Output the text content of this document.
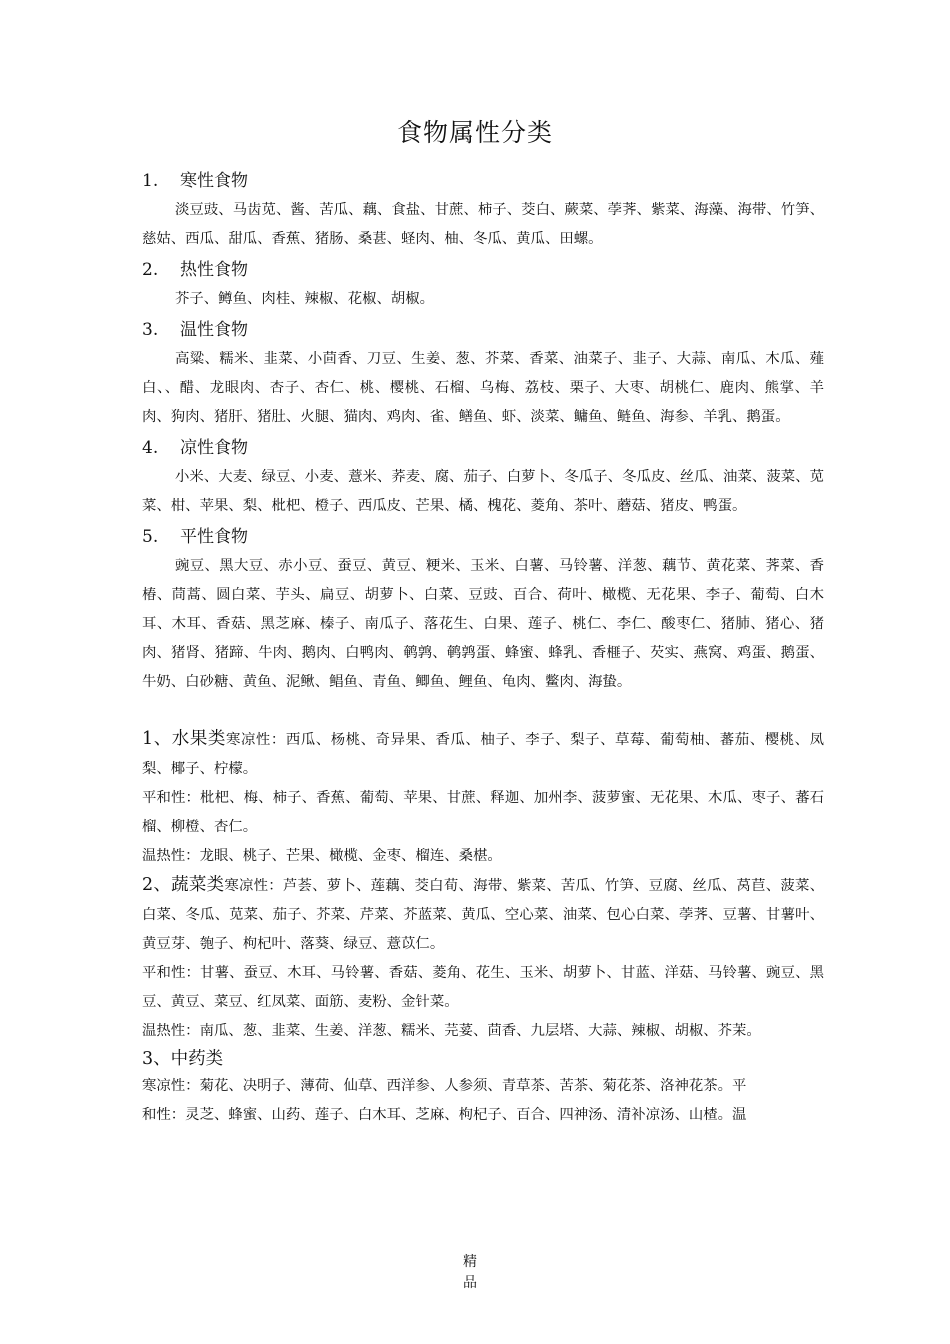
食物属性分类
1.	寒性食物
淡豆豉、马齿苋、酱、苦瓜、藕、食盐、甘蔗、柿子、茭白、蕨菜、荸荠、紫菜、海藻、海带、竹笋、慈姑、西瓜、甜瓜、香蕉、猪肠、桑葚、蛏肉、柚、冬瓜、黄瓜、田螺。
2.	热性食物
芥子、鳟鱼、肉桂、辣椒、花椒、胡椒。
3.	温性食物
高粱、糯米、韭菜、小茴香、刀豆、生姜、葱、芥菜、香菜、油菜子、韭子、大蒜、南瓜、木瓜、薤白、、醋、龙眼肉、杏子、杏仁、桃、樱桃、石榴、乌梅、荔枝、栗子、大枣、胡桃仁、鹿肉、熊掌、羊肉、狗肉、猪肝、猪肚、火腿、猫肉、鸡肉、雀、鳝鱼、虾、淡菜、鳙鱼、鲢鱼、海参、羊乳、鹅蛋。
4.	凉性食物
小米、大麦、绿豆、小麦、薏米、荞麦、腐、茄子、白萝卜、冬瓜子、冬瓜皮、丝瓜、油菜、菠菜、苋菜、柑、苹果、梨、枇杷、橙子、西瓜皮、芒果、橘、槐花、菱角、茶叶、蘑菇、猪皮、鸭蛋。
5.	平性食物
豌豆、黑大豆、赤小豆、蚕豆、黄豆、粳米、玉米、白薯、马铃薯、洋葱、藕节、黄花菜、荠菜、香椿、茼蒿、圆白菜、芋头、扁豆、胡萝卜、白菜、豆豉、百合、荷叶、橄榄、无花果、李子、葡萄、白木耳、木耳、香菇、黑芝麻、榛子、南瓜子、落花生、白果、莲子、桃仁、李仁、酸枣仁、猪肺、猪心、猪肉、猪肾、猪蹄、牛肉、鹅肉、白鸭肉、鹌鹑、鹌鹑蛋、蜂蜜、蜂乳、香榧子、芡实、燕窝、鸡蛋、鹅蛋、牛奶、白砂糖、黄鱼、泥鳅、鲳鱼、青鱼、鲫鱼、鲤鱼、龟肉、鳖肉、海蛰。
1、水果类寒凉性：西瓜、杨桃、奇异果、香瓜、柚子、李子、梨子、草莓、葡萄柚、蕃茄、樱桃、凤梨、椰子、柠檬。
平和性：枇杷、梅、柿子、香蕉、葡萄、苹果、甘蔗、释迦、加州李、菠萝蜜、无花果、木瓜、枣子、蕃石榴、柳橙、杏仁。
温热性：龙眼、桃子、芒果、橄榄、金枣、榴连、桑椹。
2、蔬菜类寒凉性：芦荟、萝卜、莲藕、茭白荀、海带、紫菜、苦瓜、竹笋、豆腐、丝瓜、莴苣、菠菜、白菜、冬瓜、苋菜、茄子、芥菜、芹菜、芥蓝菜、黄瓜、空心菜、油菜、包心白菜、荸荠、豆薯、甘薯叶、黄豆芽、匏子、枸杞叶、落葵、绿豆、薏苡仁。
平和性：甘薯、蚕豆、木耳、马铃薯、香菇、菱角、花生、玉米、胡萝卜、甘蓝、洋菇、马铃薯、豌豆、黑豆、黄豆、菜豆、红凤菜、面筋、麦粉、金针菜。
温热性：南瓜、葱、韭菜、生姜、洋葱、糯米、芫荽、茴香、九层塔、大蒜、辣椒、胡椒、芥茉。
3、中药类
寒凉性：菊花、决明子、薄荷、仙草、西洋参、人参须、青草茶、苦茶、菊花茶、洛神花茶。平
和性：灵芝、蜂蜜、山药、莲子、白木耳、芝麻、枸杞子、百合、四神汤、清补凉汤、山楂。温
精
品
